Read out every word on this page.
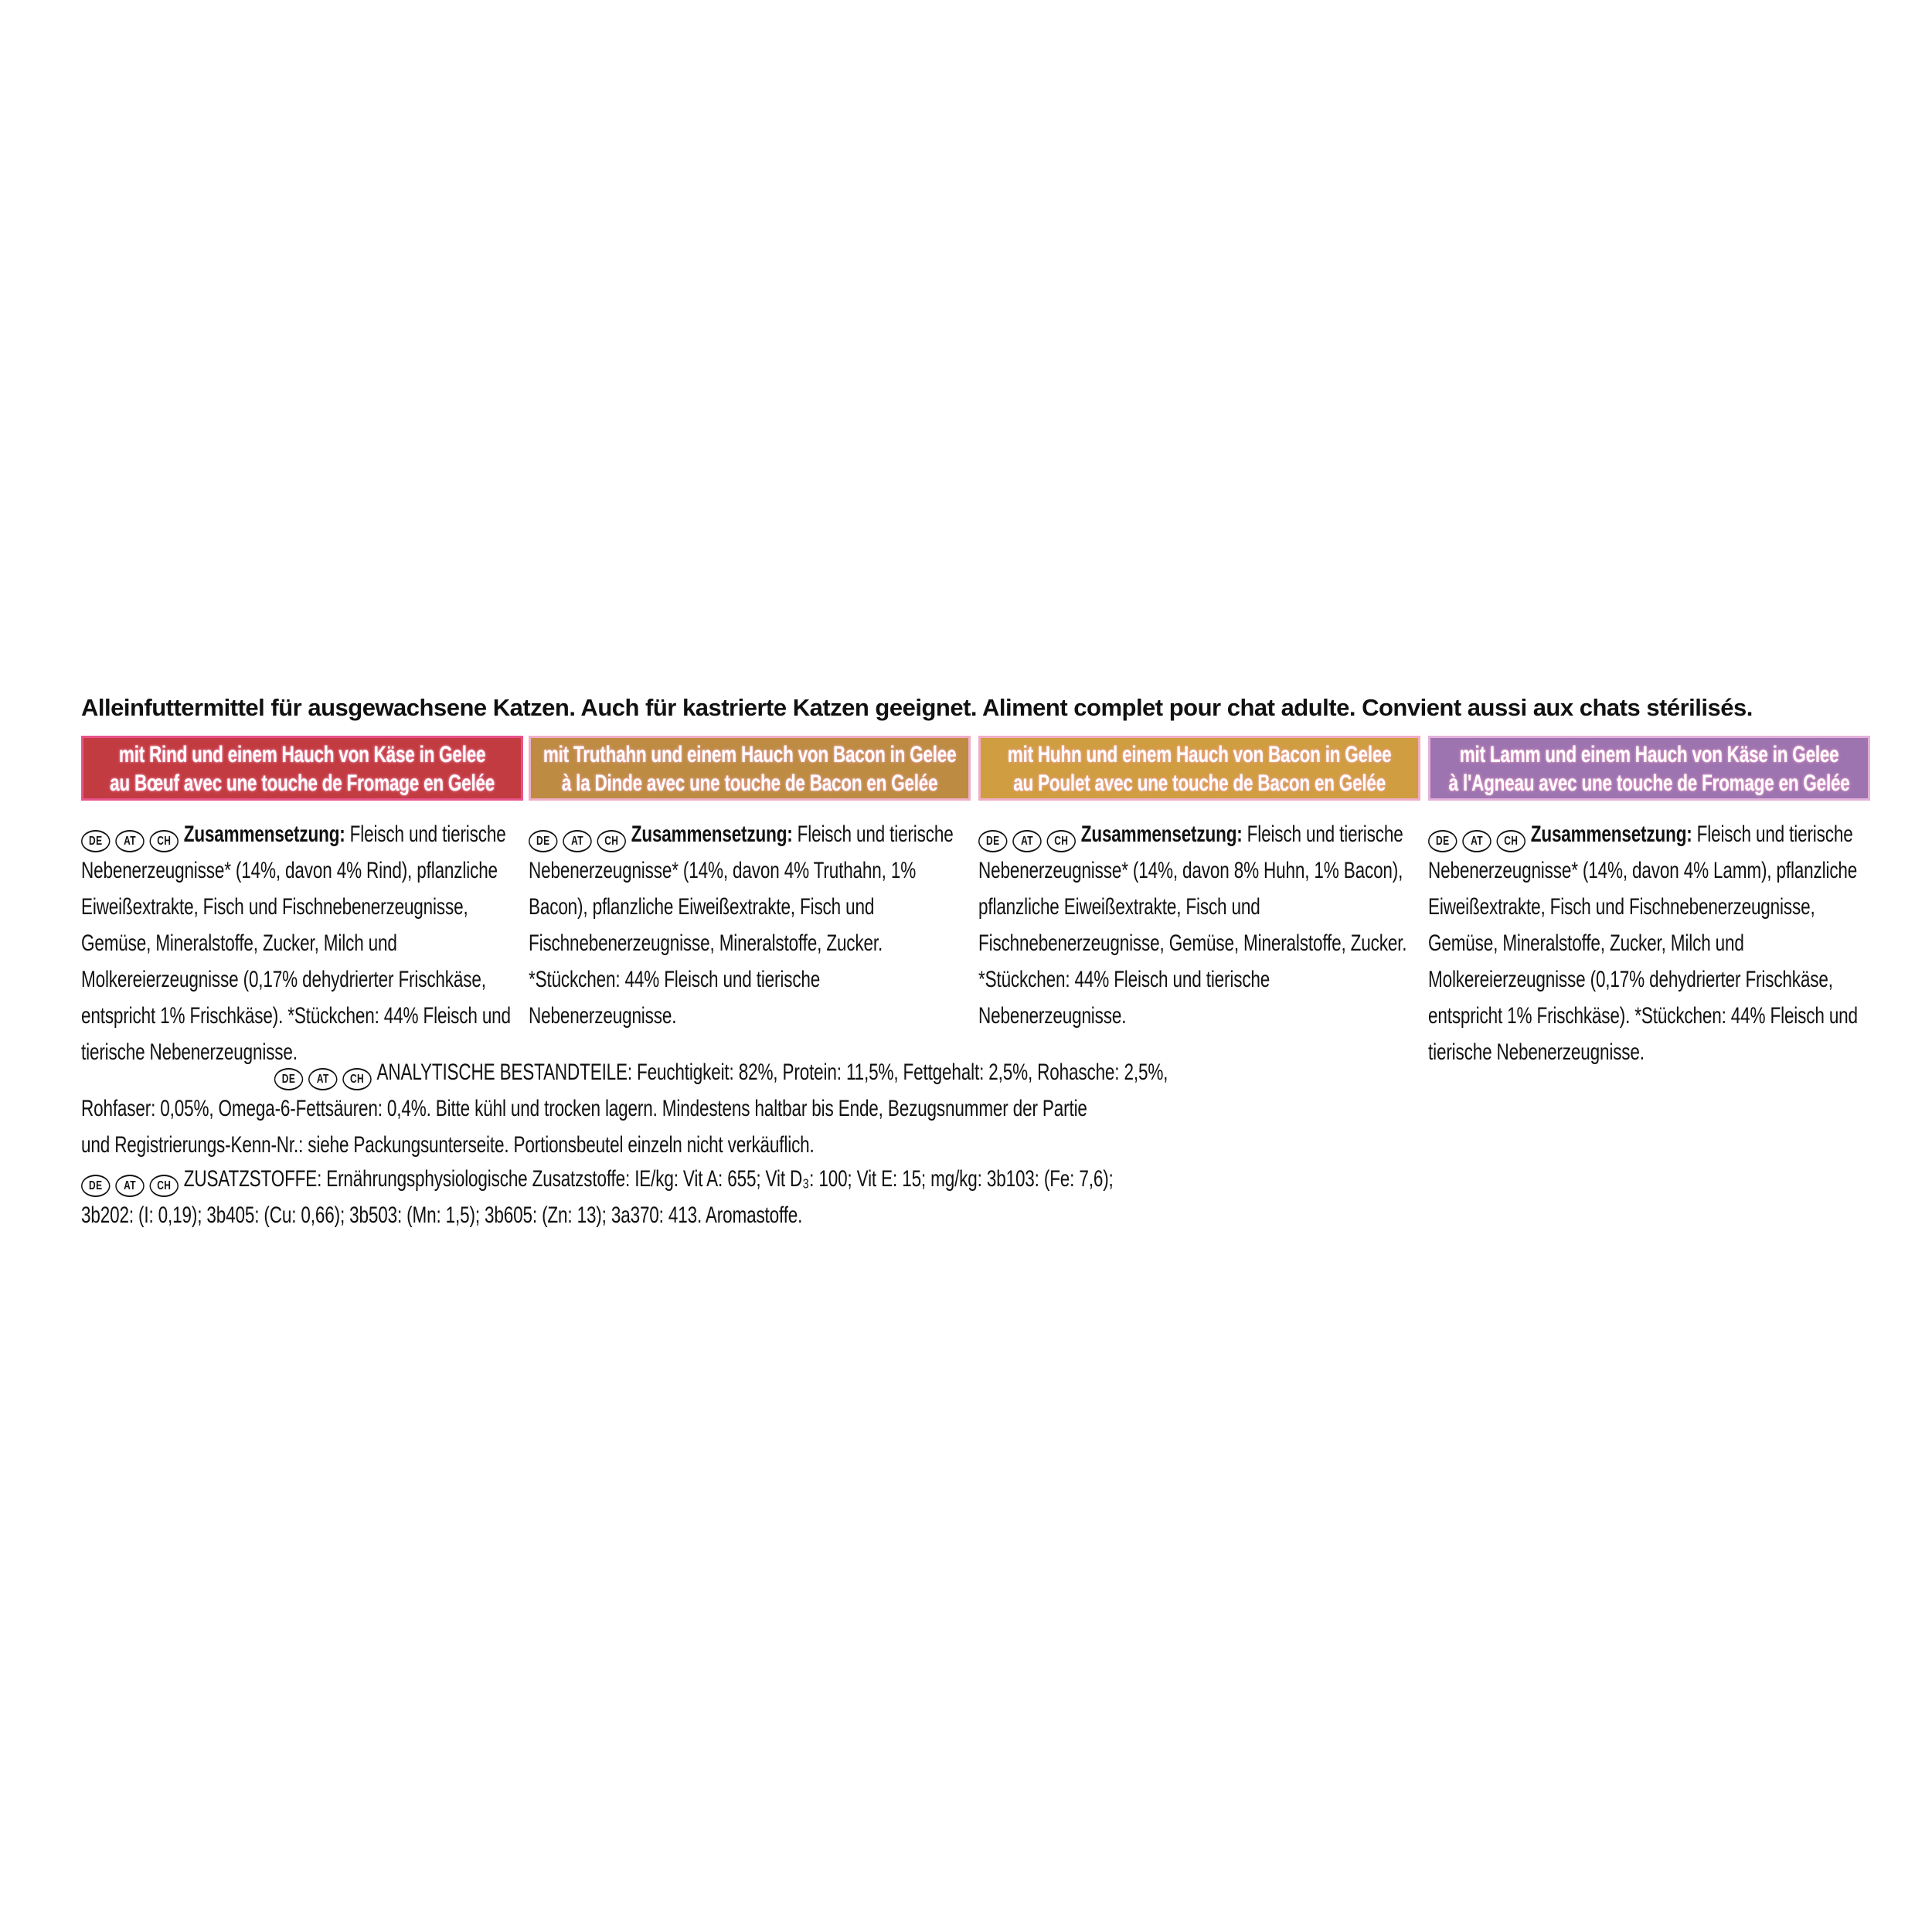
Alleinfuttermittel für ausgewachsene Katzen. Auch für kastrierte Katzen geeignet. Aliment complet pour chat adulte. Convient aussi aux chats stérilisés.
mit Rind und einem Hauch von Käse in Gelee
au Bœuf avec une touche de Fromage en Gelée
mit Truthahn und einem Hauch von Bacon in Gelee
à la Dinde avec une touche de Bacon en Gelée
mit Huhn und einem Hauch von Bacon in Gelee
au Poulet avec une touche de Bacon en Gelée
mit Lamm und einem Hauch von Käse in Gelee
à l'Agneau avec une touche de Fromage en Gelée

DE AT CH Zusammensetzung: Fleisch und tierische Nebenerzeugnisse* (14%, davon 4% Rind), pflanzliche Eiweißextrakte, Fisch und Fischnebenerzeugnisse, Gemüse, Mineralstoffe, Zucker, Milch und Molkereierzeugnisse (0,17% dehydrierter Frischkäse, entspricht 1% Frischkäse). *Stückchen: 44% Fleisch und tierische Nebenerzeugnisse.

DE AT CH Zusammensetzung: Fleisch und tierische Nebenerzeugnisse* (14%, davon 4% Truthahn, 1% Bacon), pflanzliche Eiweißextrakte, Fisch und Fischnebenerzeugnisse, Mineralstoffe, Zucker. *Stückchen: 44% Fleisch und tierische Nebenerzeugnisse.

DE AT CH Zusammensetzung: Fleisch und tierische Nebenerzeugnisse* (14%, davon 8% Huhn, 1% Bacon), pflanzliche Eiweißextrakte, Fisch und Fischnebenerzeugnisse, Gemüse, Mineralstoffe, Zucker. *Stückchen: 44% Fleisch und tierische Nebenerzeugnisse.

DE AT CH Zusammensetzung: Fleisch und tierische Nebenerzeugnisse* (14%, davon 4% Lamm), pflanzliche Eiweißextrakte, Fisch und Fischnebenerzeugnisse, Gemüse, Mineralstoffe, Zucker, Milch und Molkereierzeugnisse (0,17% dehydrierter Frischkäse, entspricht 1% Frischkäse). *Stückchen: 44% Fleisch und tierische Nebenerzeugnisse.

DE AT CH ANALYTISCHE BESTANDTEILE: Feuchtigkeit: 82%, Protein: 11,5%, Fettgehalt: 2,5%, Rohasche: 2,5%,
Rohfaser: 0,05%, Omega-6-Fettsäuren: 0,4%. Bitte kühl und trocken lagern. Mindestens haltbar bis Ende, Bezugsnummer der Partie
und Registrierungs-Kenn-Nr.: siehe Packungsunterseite. Portionsbeutel einzeln nicht verkäuflich.
DE AT CH ZUSATZSTOFFE: Ernährungsphysiologische Zusatzstoffe: IE/kg: Vit A: 655; Vit D₃: 100; Vit E: 15; mg/kg: 3b103: (Fe: 7,6);
3b202: (I: 0,19); 3b405: (Cu: 0,66); 3b503: (Mn: 1,5); 3b605: (Zn: 13); 3a370: 413. Aromastoffe.
